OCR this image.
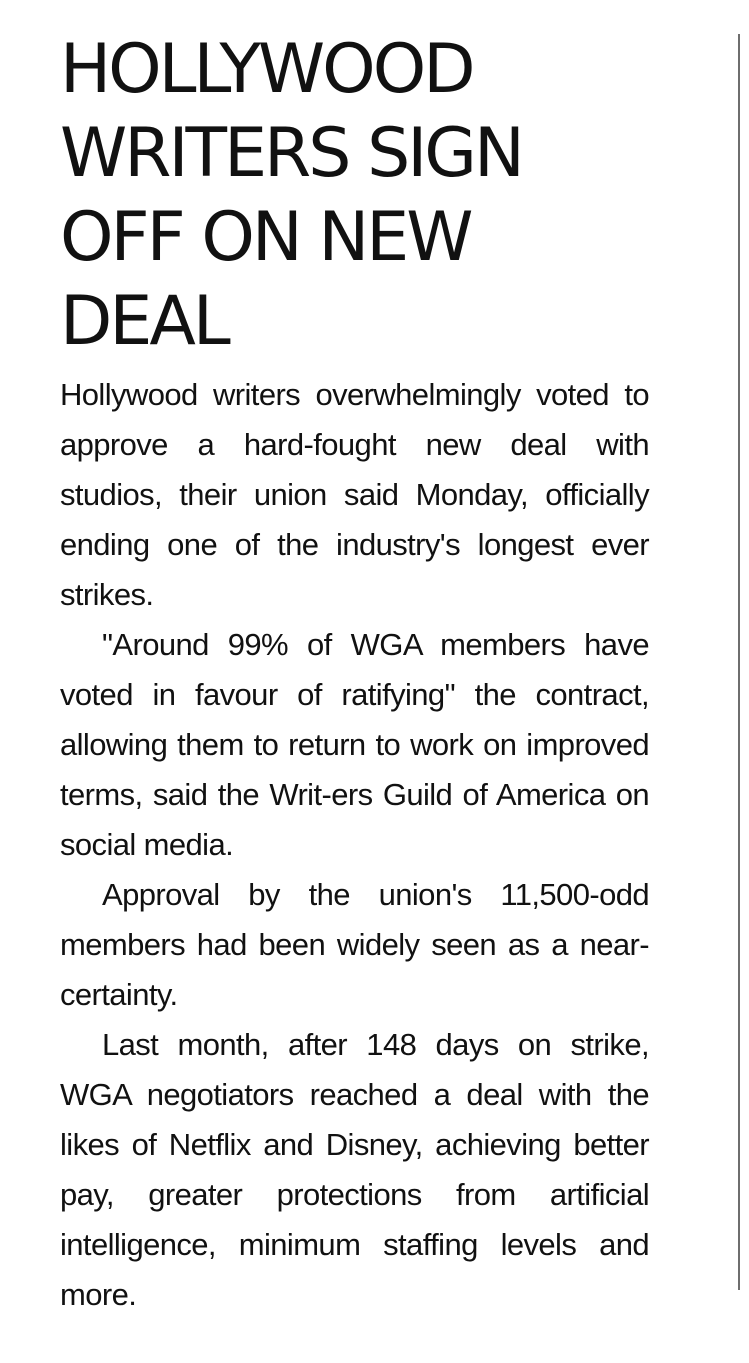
HOLLYWOOD WRITERS SIGN OFF ON NEW DEAL

Hollywood writers overwhelmingly voted to approve a hard-fought new deal with studios, their union said Monday, officially ending one of the industry's longest ever strikes.

"Around 99% of WGA members have voted in favour of ratifying" the contract, allowing them to return to work on improved terms, said the Writ-ers Guild of America on social media.

Approval by the union's 11,500-odd members had been widely seen as a near-certainty.

Last month, after 148 days on strike, WGA negotiators reached a deal with the likes of Netflix and Disney, achieving better pay, greater protections from artificial intelligence, minimum staffing levels and more.
